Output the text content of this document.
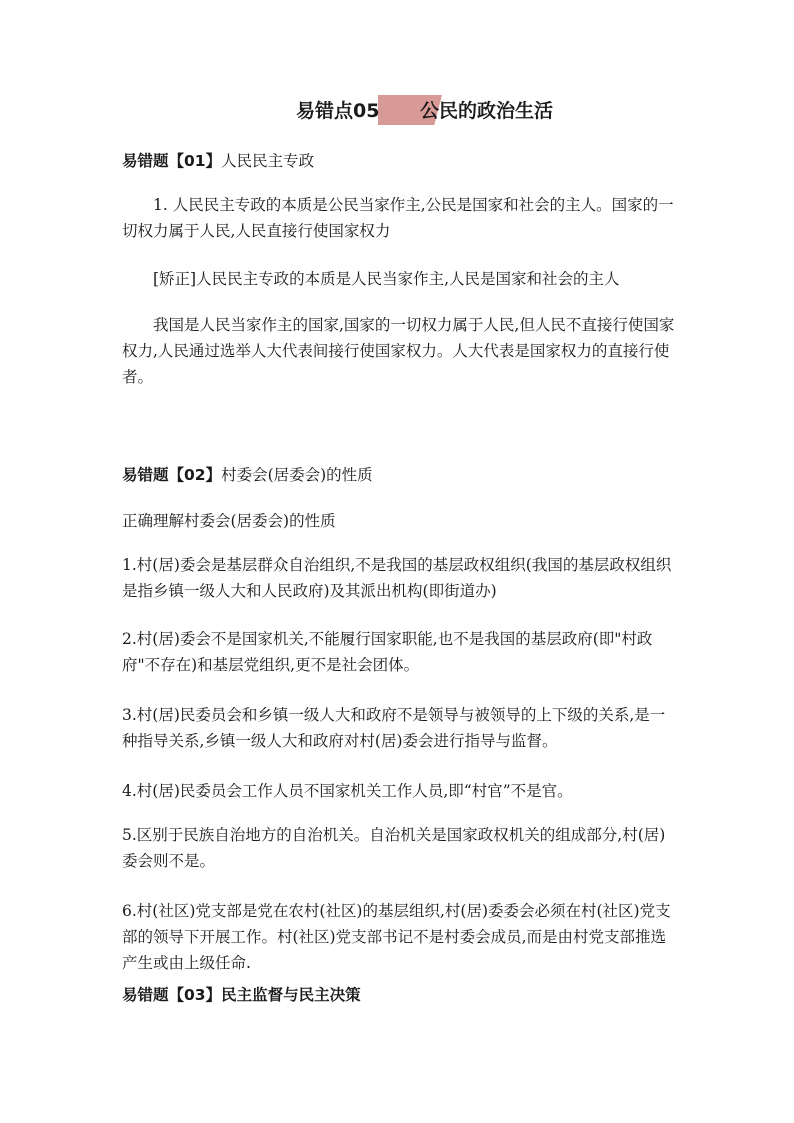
易错点05 公民的政治生活

易错题【01】人民民主专政

1. 人民民主专政的本质是公民当家作主,公民是国家和社会的主人。国家的一切权力属于人民,人民直接行使国家权力

[矫正]人民民主专政的本质是人民当家作主,人民是国家和社会的主人

我国是人民当家作主的国家,国家的一切权力属于人民,但人民不直接行使国家权力,人民通过选举人大代表间接行使国家权力。人大代表是国家权力的直接行使者。

易错题【02】村委会(居委会)的性质

正确理解村委会(居委会)的性质

1.村(居)委会是基层群众自治组织,不是我国的基层政权组织(我国的基层政权组织是指乡镇一级人大和人民政府)及其派出机构(即街道办)

2.村(居)委会不是国家机关,不能履行国家职能,也不是我国的基层政府(即"村政府"不存在)和基层党组织,更不是社会团体。

3.村(居)民委员会和乡镇一级人大和政府不是领导与被领导的上下级的关系,是一种指导关系,乡镇一级人大和政府对村(居)委会进行指导与监督。

4.村(居)民委员会工作人员不国家机关工作人员,即“村官”不是官。

5.区别于民族自治地方的自治机关。自治机关是国家政权机关的组成部分,村(居)委会则不是。

6.村(社区)党支部是党在农村(社区)的基层组织,村(居)委委会必须在村(社区)党支部的领导下开展工作。村(社区)党支部书记不是村委会成员,而是由村党支部推选产生或由上级任命.

易错题【03】民主监督与民主决策
